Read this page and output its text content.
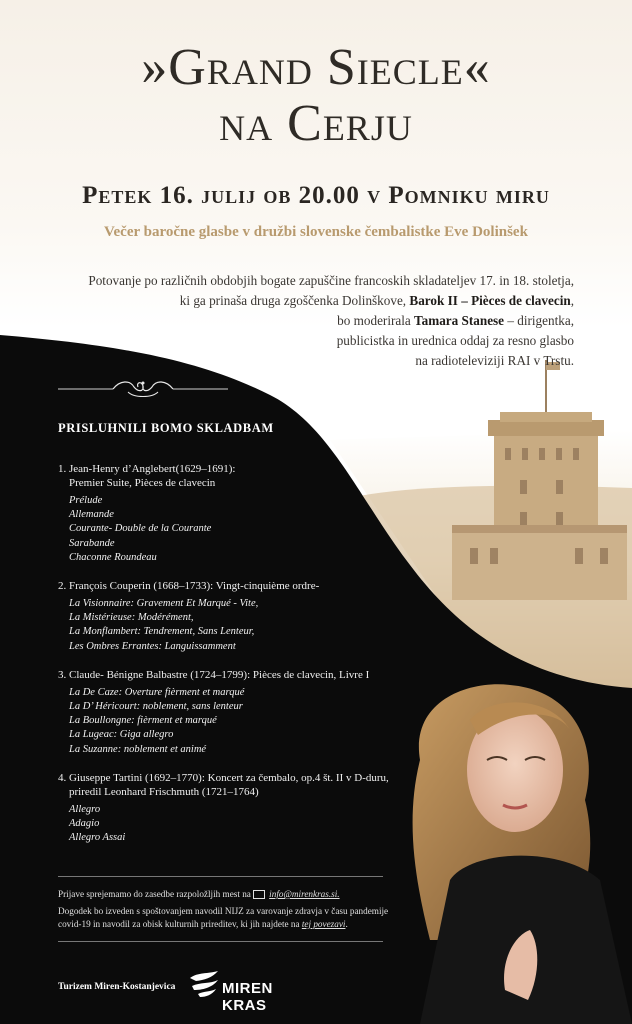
»Grand Siecle«
na Cerju
Petek 16. julij ob 20.00 v Pomniku miru
Večer baročne glasbe v družbi slovenske čembalistke Eve Dolinšek
Potovanje po različnih obdobjih bogate zapuščine francoskih skladateljev 17. in 18. stoletja,
ki ga prinaša druga zgoščenka Dolinškove, Barok II – Pièces de clavecin,
bo moderirala Tamara Stanese – dirigentka,
publicistka in urednica oddaj za resno glasbo
na radioteleviziji RAI v Trstu.
PRISLUHNILI BOMO SKLADBAM
1. Jean-Henry d’Anglebert(1629–1691):
Premier Suite, Pièces de clavecin
Prélude
Allemande
Courante- Double de la Courante
Sarabande
Chaconne Roundeau
2. François Couperin (1668–1733): Vingt-cinquième ordre-
La Visionnaire: Gravement Et Marqué - Vite,
La Mistérieuse: Modérément,
La Monflambert: Tendrement, Sans Lenteur,
Les Ombres Errantes: Languissamment
3. Claude- Bénigne Balbastre (1724–1799): Pièces de clavecin, Livre I
La De Caze: Overture fièrment et marqué
La D’ Héricourt: noblement, sans lenteur
La Boullongne: fièrment et marqué
La Lugeac: Giga allegro
La Suzanne: noblement et animé
4. Giuseppe Tartini (1692–1770): Koncert za čembalo, op.4 št. II v D-duru,
priredil Leonhard Frischmuth (1721–1764)
Allegro
Adagio
Allegro Assai
Prijave sprejemamo do zasedbe razpoložljih mest na info@mirenkras.si.
Dogodek bo izveden s spoštovanjem navodil NIJZ za varovanje zdravja v času pandemije
covid-19 in navodil za obisk kulturnih prireditev, ki jih najdete na tej povezavi.
Turizem Miren-Kostanjevica	MIREN KRAS
